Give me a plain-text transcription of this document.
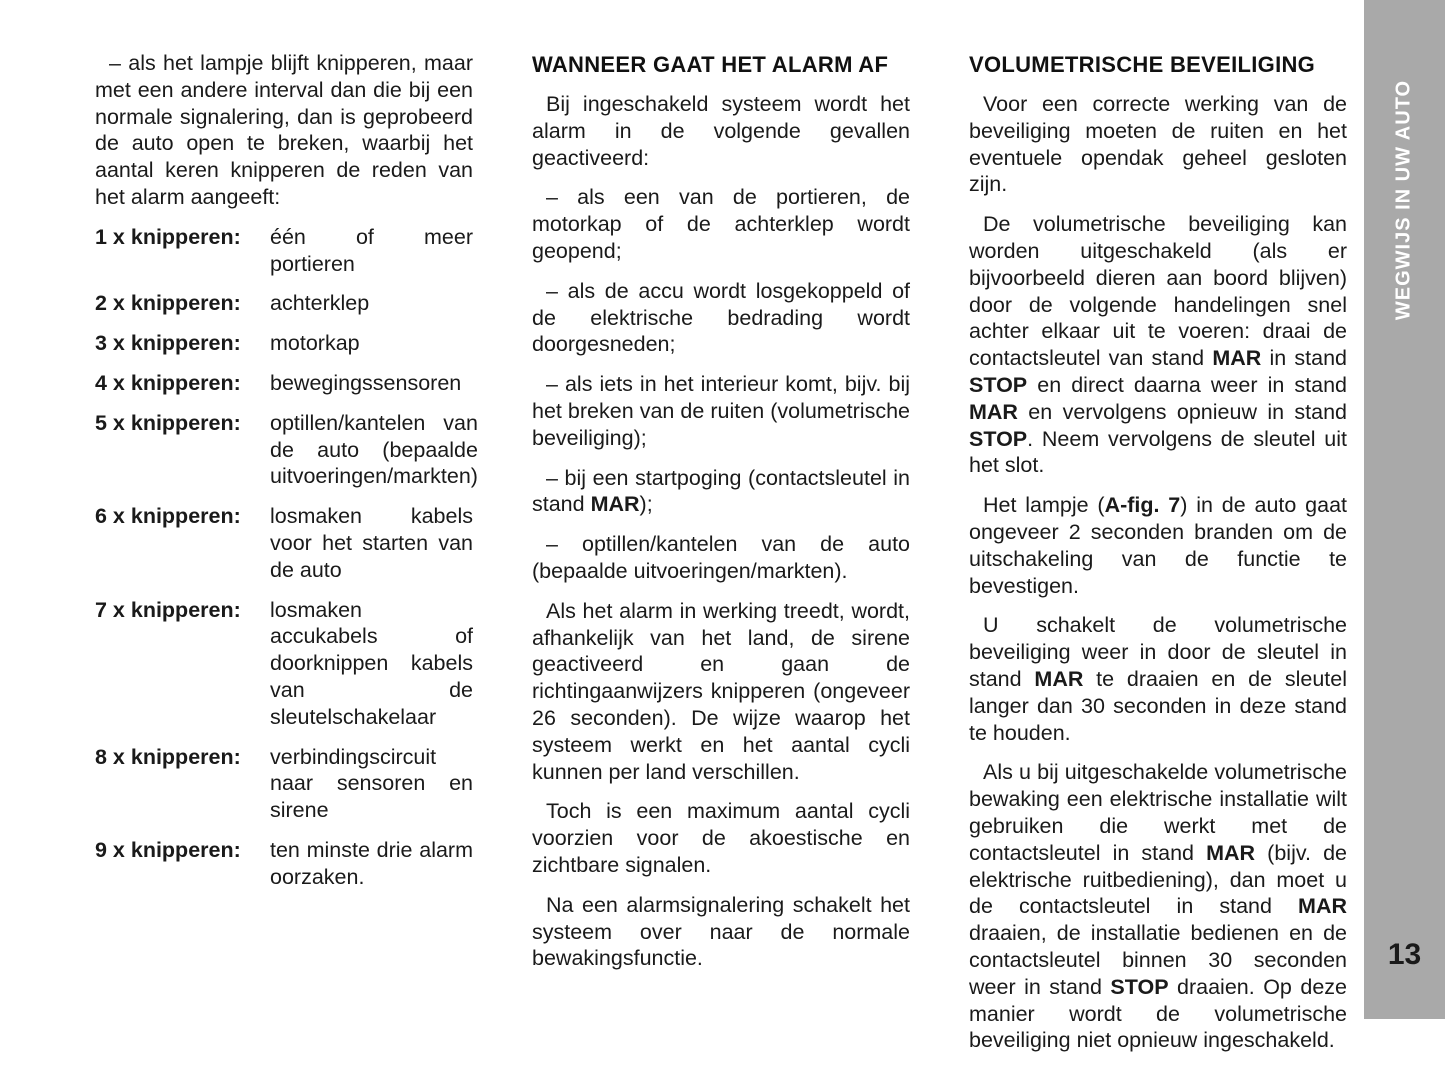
– als het lampje blijft knipperen, maar met een andere interval dan die bij een normale signalering, dan is geprobeerd de auto open te breken, waarbij het aantal keren knipperen de reden van het alarm aangeeft:

1 x knipperen:	één of meer portieren
2 x knipperen:	achterklep
3 x knipperen:	motorkap
4 x knipperen:	bewegingssensoren
5 x knipperen:	optillen/kantelen van de auto (bepaalde uitvoeringen/markten)
6 x knipperen:	losmaken kabels voor het starten van de auto
7 x knipperen:	losmaken accukabels of doorknippen kabels van de sleutelschakelaar
8 x knipperen:	verbindingscircuit naar sensoren en sirene
9 x knipperen:	ten minste drie alarm oorzaken.
WANNEER GAAT HET ALARM AF

Bij ingeschakeld systeem wordt het alarm in de volgende gevallen geactiveerd:

– als een van de portieren, de motorkap of de achterklep wordt geopend;

– als de accu wordt losgekoppeld of de elektrische bedrading wordt doorgesneden;

– als iets in het interieur komt, bijv. bij het breken van de ruiten (volumetrische beveiliging);

– bij een startpoging (contactsleutel in stand MAR);

– optillen/kantelen van de auto (bepaalde uitvoeringen/markten).

Als het alarm in werking treedt, wordt, afhankelijk van het land, de sirene geactiveerd en gaan de richtingaanwijzers knipperen (ongeveer 26 seconden). De wijze waarop het systeem werkt en het aantal cycli kunnen per land verschillen.

Toch is een maximum aantal cycli voorzien voor de akoestische en zichtbare signalen.

Na een alarmsignalering schakelt het systeem over naar de normale bewakingsfunctie.

VOLUMETRISCHE BEVEILIGING

Voor een correcte werking van de beveiliging moeten de ruiten en het eventuele opendak geheel gesloten zijn.

De volumetrische beveiliging kan worden uitgeschakeld (als er bijvoorbeeld dieren aan boord blijven) door de volgende handelingen snel achter elkaar uit te voeren: draai de contactsleutel van stand MAR in stand STOP en direct daarna weer in stand MAR en vervolgens opnieuw in stand STOP. Neem vervolgens de sleutel uit het slot.

Het lampje (A-fig. 7) in de auto gaat ongeveer 2 seconden branden om de uitschakeling van de functie te bevestigen.

U schakelt de volumetrische beveiliging weer in door de sleutel in stand MAR te draaien en de sleutel langer dan 30 seconden in deze stand te houden.

Als u bij uitgeschakelde volumetrische bewaking een elektrische installatie wilt gebruiken die werkt met de contactsleutel in stand MAR (bijv. de elektrische ruitbediening), dan moet u de contactsleutel in stand MAR draaien, de installatie bedienen en de contactsleutel binnen 30 seconden weer in stand STOP draaien. Op deze manier wordt de volumetrische beveiliging niet opnieuw ingeschakeld.

WEGWIJS IN UW AUTO
13
